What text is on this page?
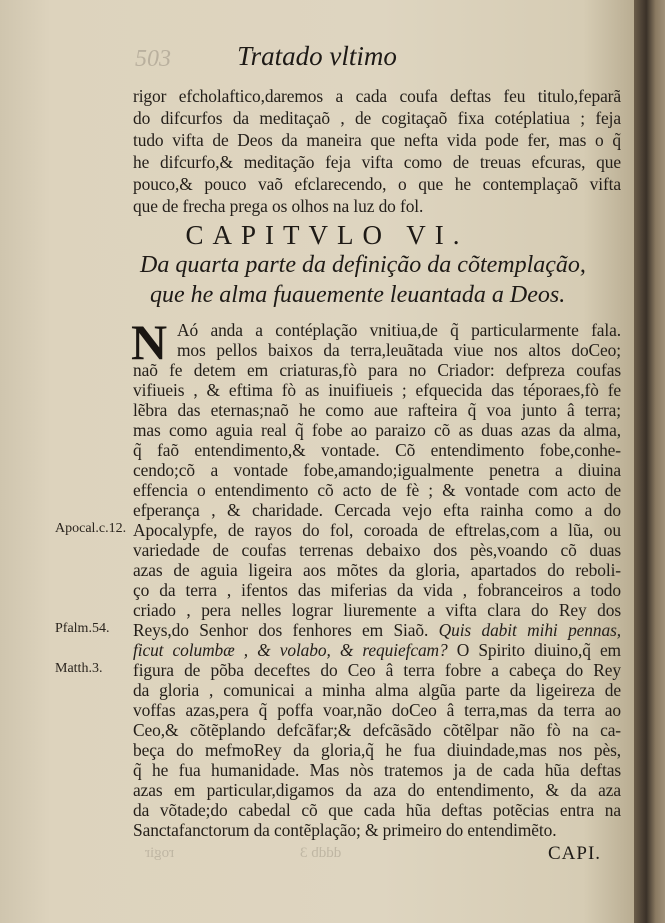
503	Tratado vltimo
rigor efcholaftico,daremos a cada coufa deftas feu titulo,feparã
do difcurfos da meditaçaõ , de cogitaçaõ fixa cotéplatiua ; feja
tudo vifta de Deos da maneira que nefta vida pode fer, mas o q̃
he difcurfo,& meditação feja vifta como de treuas efcuras, que
pouco,& pouco vaõ efclarecendo, o que he contemplaçaõ vifta
que de frecha prega os olhos na luz do fol.
CAPITVLO VI.
Da quarta parte da definição da cõtemplação,
que he alma fuauemente leuantada a Deos.
N Aó anda a contéplação vnitiua,de q̃ particularmente fala.
mos pellos baixos da terra,leuãtada viue nos altos doCeo;
naõ fe detem em criaturas,fò para no Criador: defpreza coufas
vifiueis , & eftima fò as inuifiueis ; efquecida das téporaes,fò fe
lẽbra das eternas;naõ he como aue rafteira q̃ voa junto â terra;
mas como aguia real q̃ fobe ao paraizo cõ as duas azas da alma,
q̃ faõ entendimento,& vontade. Cõ entendimento fobe,conhe-
cendo;cõ a vontade fobe,amando;igualmente penetra a diuina
effencia o entendimento cõ acto de fè ; & vontade com acto de
efperança , & charidade. Cercada vejo efta rainha como a do
Apocalypfe, de rayos do fol, coroada de eftrelas,com a lũa, ou
variedade de coufas terrenas debaixo dos pès,voando cõ duas
azas de aguia ligeira aos mõtes da gloria, apartados do reboli-
ço da terra , ifentos das miferias da vida , fobranceiros a todo
criado , pera nelles lograr liuremente a vifta clara do Rey dos
Reys,do Senhor dos fenhores em Siaõ. Quis dabit mihi pennas,
ficut columbæ , & volabo, & requiefcam? O Spirito diuino,q̃ em
figura de põba deceftes do Ceo â terra fobre a cabeça do Rey
da gloria , comunicai a minha alma algũa parte da ligeireza de
voffas azas,pera q̃ poffa voar,não doCeo â terra,mas da terra ao
Ceo,& cõtẽplando defcãfar;& defcãsãdo cõtẽlpar não fò na ca-
beça do mefmoRey da gloria,q̃ he fua diuindade,mas nos pès,
q̃ he fua humanidade. Mas nòs tratemos ja de cada hũa deftas
azas em particular,digamos da aza do entendimento, & da aza
da võtade;do cabedal cõ que cada hũa deftas potẽcias entra na
Sanctafanctorum da contẽplação; & primeiro do entendimẽto.
Apocal.c.12.
Pfalm.54.
Matth.3.
rogir	dddb 3	CAPI.
